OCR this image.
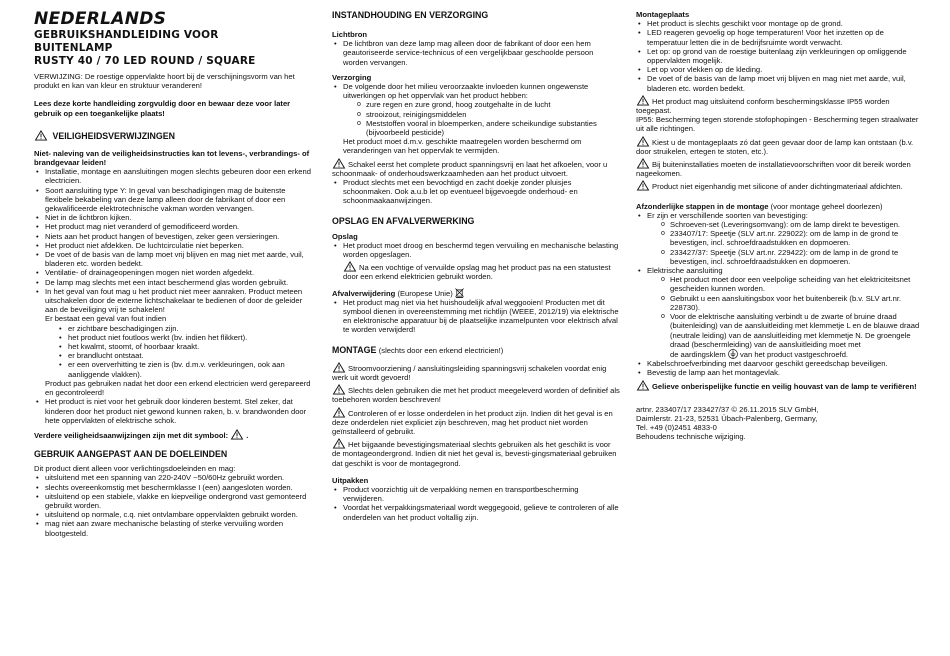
NEDERLANDS
GEBRUIKSHANDLEIDING VOOR
BUITENLAMP
RUSTY 40 / 70 LED ROUND / SQUARE
VERWIJZING: De roestige oppervlakte hoort bij de verschijningsvorm van het produkt en kan van kleur en struktuur veranderen!
Lees deze korte handleiding zorgvuldig door en bewaar deze voor later gebruik op een toegankelijke plaats!
VEILIGHEIDSVERWIJZINGEN
Niet- naleving van de veiligheidsinstructies kan tot levens-, verbrandings- of brandgevaar leiden!
• Installatie, montage en aansluitingen mogen slechts gebeuren door een erkend electricien.
• Soort aansluiting type Y: In geval van beschadigingen mag de buitenste flexibele bekabeling van deze lamp alleen door de fabrikant of door een gekwalificeerde elektrotechnische vakman worden vervangen.
• Niet in de lichtbron kijken.
• Het product mag niet veranderd of gemodificeerd worden.
• Niets aan het product hangen of bevestigen, zeker geen versieringen.
• Het product niet afdekken. De luchtcirculatie niet beperken.
• De voet of de basis van de lamp moet vrij blijven en mag niet met aarde, vuil, bladeren etc. worden bedekt.
• Ventilatie- of drainageopeningen mogen niet worden afgedekt.
• De lamp mag slechts met een intact beschermend glas worden gebruikt.
• In het geval van fout mag u het product niet meer aanraken. Product meteen uitschakelen door de externe lichtschakelaar te bedienen of door de geleider aan de beveiliging vrij te schakelen!
Er bestaat een geval van fout indien
• er zichtbare beschadigingen zijn.
• het product niet foutloos werkt (bv. indien het flikkert).
• het kwalmt, stoomt, of hoorbaar kraakt.
• er brandlucht ontstaat.
• er een oververhitting te zien is (bv. d.m.v. verkleuringen, ook aan aanliggende vlakken).
Product pas gebruiken nadat het door een erkend electricien werd gerepareerd en gecontroleerd!
• Het product is niet voor het gebruik door kinderen bestemt. Stel zeker, dat kinderen door het product niet gewond kunnen raken, b. v. brandwonden door hete oppervlakten of elektrische schok.
Verdere veiligheidsaanwijzingen zijn met dit symbool: .
GEBRUIK AANGEPAST AAN DE DOELEINDEN
Dit product dient alleen voor verlichtingsdoeleinden en mag:
• uitsluitend met een spanning van 220-240V ~50/60Hz gebruikt worden.
• slechts overeenkomstig met beschermklasse I (een) aangesloten worden.
• uitsluitend op een stabiele, vlakke en kiepveilige ondergrond vast gemonteerd gebruikt worden.
• uitsluitend op normale, c.q. niet ontvlambare oppervlakten gebruikt worden.
• mag niet aan zware mechanische belasting of sterke vervuiling worden blootgesteld.
INSTANDHOUDING EN VERZORGING
Lichtbron
• De lichtbron van deze lamp mag alleen door de fabrikant of door een hem geautoriseerde service-technicus of een vergelijkbaar geschoolde persoon worden vervangen.
Verzorging
• De volgende door het milieu veroorzaakte invloeden kunnen ongewenste uitwerkingen op het oppervlak van het product hebben:
o zure regen en zure grond, hoog zoutgehalte in de lucht
o strooizout, reinigingsmiddelen
o Meststoffen vooral in bloemperken, andere scheikundige substanties (bijvoorbeeld pesticide)
Het product moet d.m.v. geschikte maatregelen worden beschermd om veranderingen van het oppervlak te vermijden.
Schakel eerst het complete product spanningsvrij en laat het afkoelen, voor u schoonmaak- of onderhoudswerkzaamheden aan het product uitvoert.
• Product slechts met een bevochtigd en zacht doekje zonder pluisjes schoonmaken. Ook a.u.b let op eventueel bijgevoegde onderhoud- en schoonmaakaanwijzingen.
OPSLAG EN AFVALVERWERKING
Opslag
• Het product moet droog en beschermd tegen vervuiling en mechanische belasting worden opgeslagen.
Na een vochtige of vervuilde opslag mag het product pas na een statustest door een erkend elektricien gebruikt worden.
Afvalverwijdering (Europese Unie)
• Het product mag niet via het huishoudelijk afval weggooien! Producten met dit symbool dienen in overeenstemming met richtlijn (WEEE, 2012/19) via elektrische en elektronische apparatuur bij de plaatselijke inzamelpunten voor elektrisch afval te worden verwijderd!
MONTAGE (slechts door een erkend electricien!)
Stroomvoorziening / aansluitingsleiding spanningsvrij schakelen voordat enig werk uit wordt gevoerd!
Slechts delen gebruiken die met het product meegeleverd worden of definitief als toebehoren worden beschreven!
Controleren of er losse onderdelen in het product zijn. Indien dit het geval is en deze onderdelen niet expliciet zijn beschreven, mag het product niet worden geïnstalleerd of gebruikt.
Het bijgaande bevestigingsmateriaal slechts gebruiken als het geschikt is voor de montageondergrond. Indien dit niet het geval is, bevesti-gingsmateriaal gebruiken dat geschikt is voor de montagegrond.
Uitpakken
• Product voorzichtig uit de verpakking nemen en transportbescherming verwijderen.
• Voordat het verpakkingsmateriaal wordt weggegooid, gelieve te controleren of alle onderdelen van het product voltallig zijn.
Montageplaats
• Het product is slechts geschikt voor montage op de grond.
• LED reageren gevoelig op hoge temperaturen! Voor het inzetten op de temperatuur letten die in de bedrijfsruimte wordt verwacht.
• Let op: op grond van de roestige buitenlaag zijn verkleuringen op omliggende oppervlakten mogelijk.
• Let op voor vlekken op de kleding.
• De voet of de basis van de lamp moet vrij blijven en mag niet met aarde, vuil, bladeren etc. worden bedekt.
Het product mag uitsluitend conform beschermingsklasse IP55 worden toegepast.
IP55: Bescherming tegen storende stofophopingen - Bescherming tegen straalwater uit alle richtingen.
Kiest u de montageplaats zó dat geen gevaar door de lamp kan ontstaan (b.v. door struikelen, ertegen te stoten, etc.).
Bij buiteninstallaties moeten de installatievoorschriften voor dit bereik worden nageekomen.
Product niet eigenhandig met silicone of ander dichtingmateriaal afdichten.
Afzonderlijke stappen in de montage (voor montage geheel doorlezen)
• Er zijn er verschillende soorten van bevestiging:
o Schroeven-set (Leveringsomvang): om de lamp direkt te bevestigen.
o 233407/17: Speetje (SLV art.nr. 229022): om de lamp in de grond te bevestigen, incl. schroefdraadstukken en dopmoeren.
o 233427/37: Speetje (SLV art.nr. 229422): om de lamp in de grond te bevestigen, incl. schroefdraadstukken en dopmoeren.
• Elektrische aansluiting
o Het product moet door een veelpolige scheiding van het elektriciteitsnet gescheiden kunnen worden.
o Gebruikt u een aansluitingsbox voor het buitenbereik (b.v. SLV art.nr. 228730).
o Voor de elektrische aansluiting verbindt u de zwarte of bruine draad (buitenleiding) van de aansluitleiding met klemmetje L en de blauwe draad (neutrale leiding) van de aansluitleiding met klemmetje N. De groengele draad (beschermleiding) van de aansluitleiding moet met
de aardingsklem van het product vastgeschroefd.
• Kabelschroefverbinding met daarvoor geschikt gereedschap beveiligen.
• Bevestig de lamp aan het montagevlak.
Gelieve onberispelijke functie en veilig houvast van de lamp te verifiëren!
artnr. 233407/17 233427/37 © 26.11.2015 SLV GmbH,
Daimlerstr. 21-23, 52531 Übach-Palenberg, Germany,
Tel. +49 (0)2451 4833-0
Behoudens technische wijziging.
